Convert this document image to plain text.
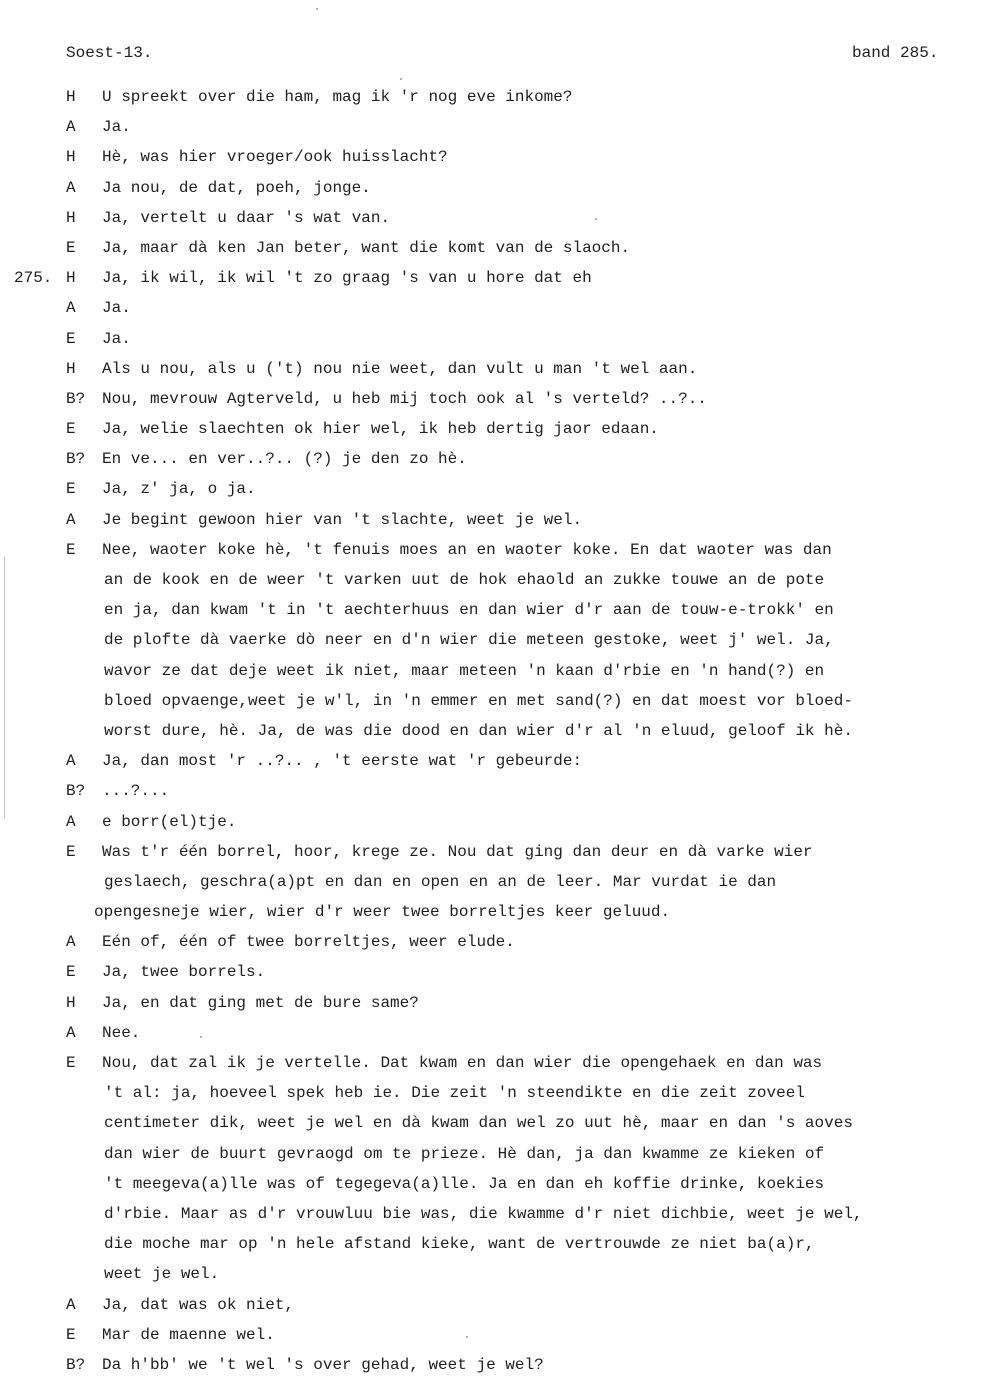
Soest-13.	band 285.
H U spreekt over die ham, mag ik 'r nog eve inkome?
A Ja.
H Hè, was hier vroeger/ook huisslacht?
A Ja nou, de dat, poeh, jonge.
H Ja, vertelt u daar 's wat van.
E Ja, maar dà ken Jan beter, want die komt van de slaoch.
275. H Ja, ik wil, ik wil 't zo graag 's van u hore dat eh
A Ja.
E Ja.
H Als u nou, als u ('t) nou nie weet, dan vult u man 't wel aan.
B? Nou, mevrouw Agterveld, u heb mij toch ook al 's verteld? ..?..
E Ja, welie slaechten ok hier wel, ik heb dertig jaor edaan.
B? En ve... en ver..?.. (?) je den zo hè.
E Ja, z' ja, o ja.
A Je begint gewoon hier van 't slachte, weet je wel.
E Nee, waoter koke hè, 't fenuis moes an en waoter koke. En dat waoter was dan
an de kook en de weer 't varken uut de hok ehaold an zukke touwe an de pote
en ja, dan kwam 't in 't aechterhuus en dan wier d'r aan de touw-e-trokk' en
de plofte dà vaerke dò neer en d'n wier die meteen gestoke, weet j' wel. Ja,
wavor ze dat deje weet ik niet, maar meteen 'n kaan d'rbie en 'n hand(?) en
bloed opvaenge,weet je w'l, in 'n emmer en met sand(?) en dat moest vor bloed-
worst dure, hè. Ja, de was die dood en dan wier d'r al 'n eluud, geloof ik hè.
A Ja, dan most 'r ..?.. , 't eerste wat 'r gebeurde:
B? ...?...
A e borr(el)tje.
E Was t'r één borrel, hoor, krege ze. Nou dat ging dan deur en dà varke wier
geslaech, geschra(a)pt en dan en open en an de leer. Mar vurdat ie dan
opengesneje wier, wier d'r weer twee borreltjes keer geluud.
A Eén of, één of twee borreltjes, weer elude.
E Ja, twee borrels.
H Ja, en dat ging met de bure same?
A Nee.
E Nou, dat zal ik je vertelle. Dat kwam en dan wier die opengehaek en dan was
't al: ja, hoeveel spek heb ie. Die zeit 'n steendikte en die zeit zoveel
centimeter dik, weet je wel en dà kwam dan wel zo uut hè, maar en dan 's aoves
dan wier de buurt gevraogd om te prieze. Hè dan, ja dan kwamme ze kieken of
't meegeva(a)lle was of tegegeva(a)lle. Ja en dan eh koffie drinke, koekies
d'rbie. Maar as d'r vrouwluu bie was, die kwamme d'r niet dichbie, weet je wel,
die moche mar op 'n hele afstand kieke, want de vertrouwde ze niet ba(a)r,
weet je wel.
A Ja, dat was ok niet,
E Mar de maenne wel.
B? Da h'bb' we 't wel 's over gehad, weet je wel?
